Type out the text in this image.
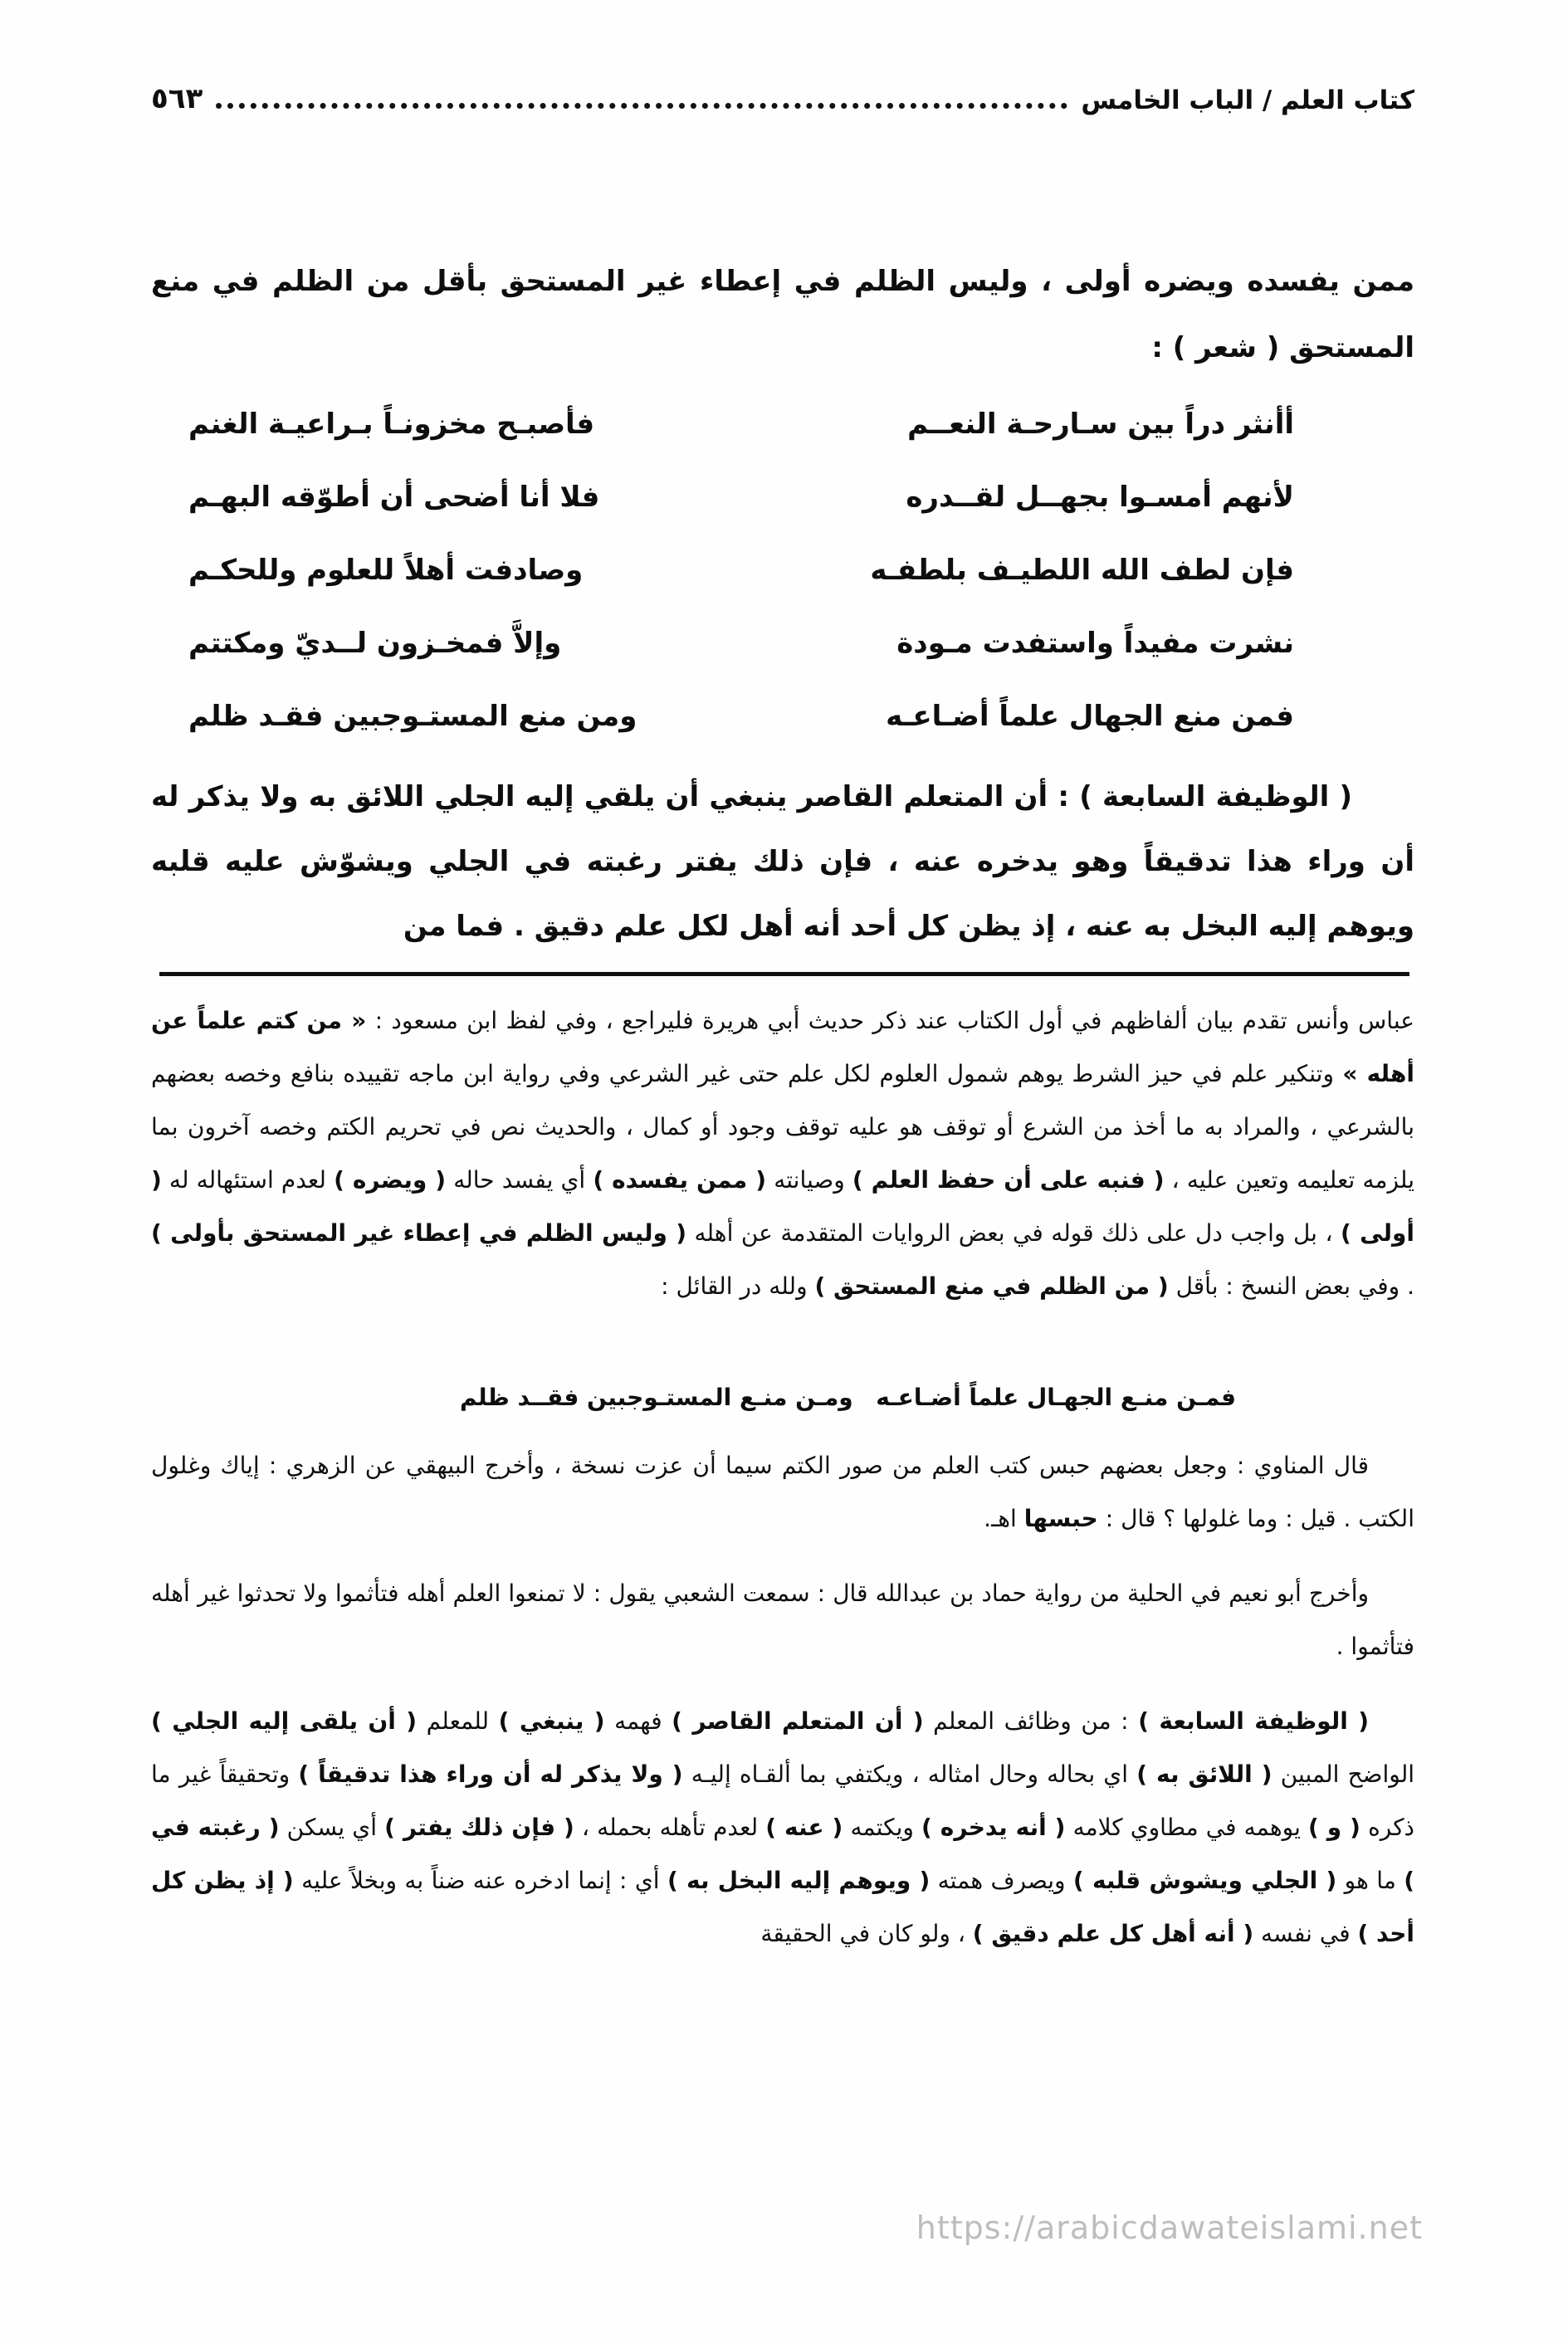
كتاب العلم / الباب الخامس
٥٦٣

ممن يفسده ويضره أولى ، وليس الظلم في إعطاء غير المستحق بأقل من الظلم في منع المستحق ( شعر ) :

أأنثر دراً بين سـارحـة النعــم
فأصبـح مخزونـاً بـراعيـة الغنم
لأنهم أمسـوا بجهــل لقــدره
فلا أنا أضحى أن أطوّقه البهـم
فإن لطف الله اللطيـف بلطفـه
وصادفت أهلاً للعلوم وللحكـم
نشرت مفيداً واستفدت مـودة
وإلاَّ فمخـزون لــديّ ومكتتم
فمن منع الجهال علماً أضـاعـه
ومن منع المستـوجبين فقـد ظلم

( الوظيفة السابعة ) : أن المتعلم القاصر ينبغي أن يلقي إليه الجلي اللائق به ولا يذكر له أن وراء هذا تدقيقاً وهو يدخره عنه ، فإن ذلك يفتر رغبته في الجلي ويشوّش عليه قلبه ويوهم إليه البخل به عنه ، إذ يظن كل أحد أنه أهل لكل علم دقيق . فما من

عباس وأنس تقدم بيان ألفاظهم في أول الكتاب عند ذكر حديث أبي هريرة فليراجع ، وفي لفظ ابن مسعود : « من كتم علماً عن أهله » وتنكير علم في حيز الشرط يوهم شمول العلوم لكل علم حتى غير الشرعي وفي رواية ابن ماجه تقييده بنافع وخصه بعضهم بالشرعي ، والمراد به ما أخذ من الشرع أو توقف هو عليه توقف وجود أو كمال ، والحديث نص في تحريم الكتم وخصه آخرون بما يلزمه تعليمه وتعين عليه ، ( فنبه على أن حفظ العلم ) وصيانته ( ممن يفسده ) أي يفسد حاله ( ويضره ) لعدم استئهاله له ( أولى ) ، بل واجب دل على ذلك قوله في بعض الروايات المتقدمة عن أهله ( وليس الظلم في إعطاء غير المستحق بأولى ) . وفي بعض النسخ : بأقل ( من الظلم في منع المستحق ) ولله در القائل :

فمـن منـع الجهـال علماً أضـاعـه
ومـن منـع المستـوجبين فقــد ظلم

قال المناوي : وجعل بعضهم حبس كتب العلم من صور الكتم سيما أن عزت نسخة ، وأخرج البيهقي عن الزهري : إياك وغلول الكتب . قيل : وما غلولها ؟ قال : حبسها اهـ.

وأخرج أبو نعيم في الحلية من رواية حماد بن عبدالله قال : سمعت الشعبي يقول : لا تمنعوا العلم أهله فتأثموا ولا تحدثوا غير أهله فتأثموا .

( الوظيفة السابعة ) : من وظائف المعلم ( أن المتعلم القاصر ) فهمه ( ينبغي ) للمعلم ( أن يلقى إليه الجلي ) الواضح المبين ( اللائق به ) اي بحاله وحال امثاله ، ويكتفي بما ألقـاه إليـه ( ولا يذكر له أن وراء هذا تدقيقاً ) وتحقيقاً غير ما ذكره ( و ) يوهمه في مطاوي كلامه ( أنه يدخره ) ويكتمه ( عنه ) لعدم تأهله بحمله ، ( فإن ذلك يفتر ) أي يسكن ( رغبته في ) ما هو ( الجلي ويشوش قلبه ) ويصرف همته ( ويوهم إليه البخل به ) أي : إنما ادخره عنه ضناً به وبخلاً عليه ( إذ يظن كل أحد ) في نفسه ( أنه أهل كل علم دقيق ) ، ولو كان في الحقيقة

https://arabicdawateislami.net
